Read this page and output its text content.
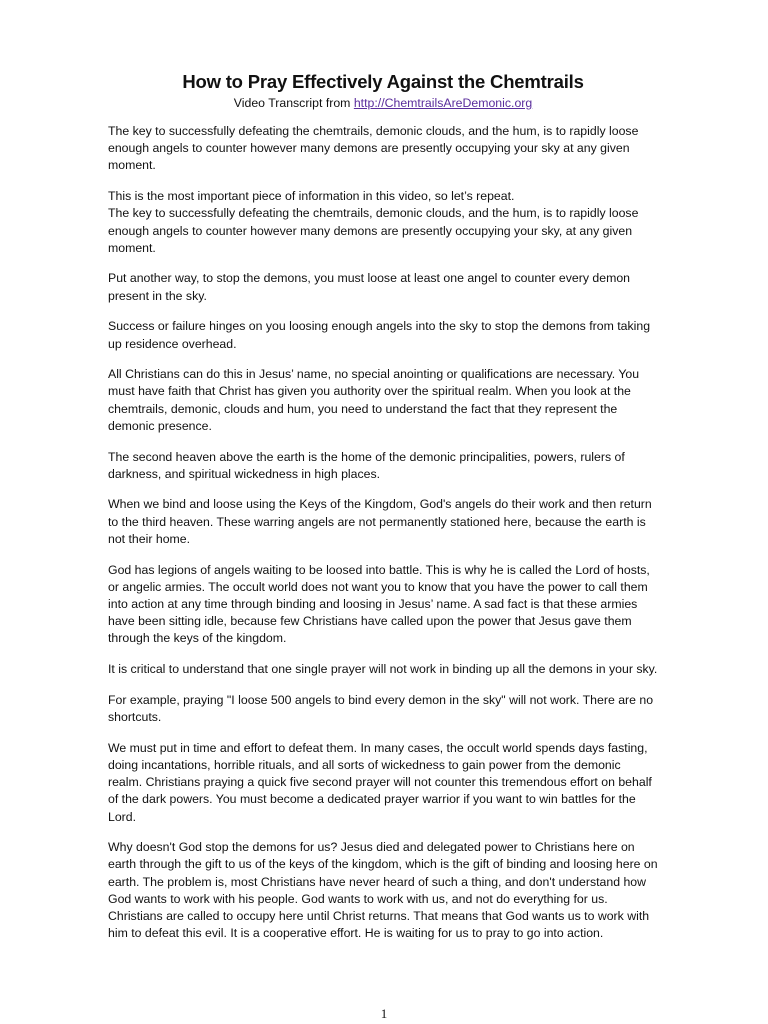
How to Pray Effectively Against the Chemtrails
Video Transcript from http://ChemtrailsAreDemonic.org

The key to successfully defeating the chemtrails, demonic clouds, and the hum, is to rapidly loose enough angels to counter however many demons are presently occupying your sky at any given moment.

This is the most important piece of information in this video, so let’s repeat.
The key to successfully defeating the chemtrails, demonic clouds, and the hum, is to rapidly loose enough angels to counter however many demons are presently occupying your sky, at any given moment.

Put another way, to stop the demons, you must loose at least one angel to counter every demon present in the sky.

Success or failure hinges on you loosing enough angels into the sky to stop the demons from taking up residence overhead.

All Christians can do this in Jesus’ name, no special anointing or qualifications are necessary. You must have faith that Christ has given you authority over the spiritual realm. When you look at the chemtrails, demonic, clouds and hum, you need to understand the fact that they represent the demonic presence.

The second heaven above the earth is the home of the demonic principalities, powers, rulers of darkness, and spiritual wickedness in high places.

When we bind and loose using the Keys of the Kingdom, God's angels do their work and then return to the third heaven. These warring angels are not permanently stationed here, because the earth is not their home.

God has legions of angels waiting to be loosed into battle. This is why he is called the Lord of hosts, or angelic armies. The occult world does not want you to know that you have the power to call them into action at any time through binding and loosing in Jesus’ name. A sad fact is that these armies have been sitting idle, because few Christians have called upon the power that Jesus gave them through the keys of the kingdom.

It is critical to understand that one single prayer will not work in binding up all the demons in your sky.

For example, praying "I loose 500 angels to bind every demon in the sky" will not work. There are no shortcuts.

We must put in time and effort to defeat them. In many cases, the occult world spends days fasting, doing incantations, horrible rituals, and all sorts of wickedness to gain power from the demonic realm. Christians praying a quick five second prayer will not counter this tremendous effort on behalf of the dark powers. You must become a dedicated prayer warrior if you want to win battles for the Lord.

Why doesn't God stop the demons for us? Jesus died and delegated power to Christians here on earth through the gift to us of the keys of the kingdom, which is the gift of binding and loosing here on earth. The problem is, most Christians have never heard of such a thing, and don't understand how God wants to work with his people. God wants to work with us, and not do everything for us. Christians are called to occupy here until Christ returns. That means that God wants us to work with him to defeat this evil. It is a cooperative effort. He is waiting for us to pray to go into action.

1
